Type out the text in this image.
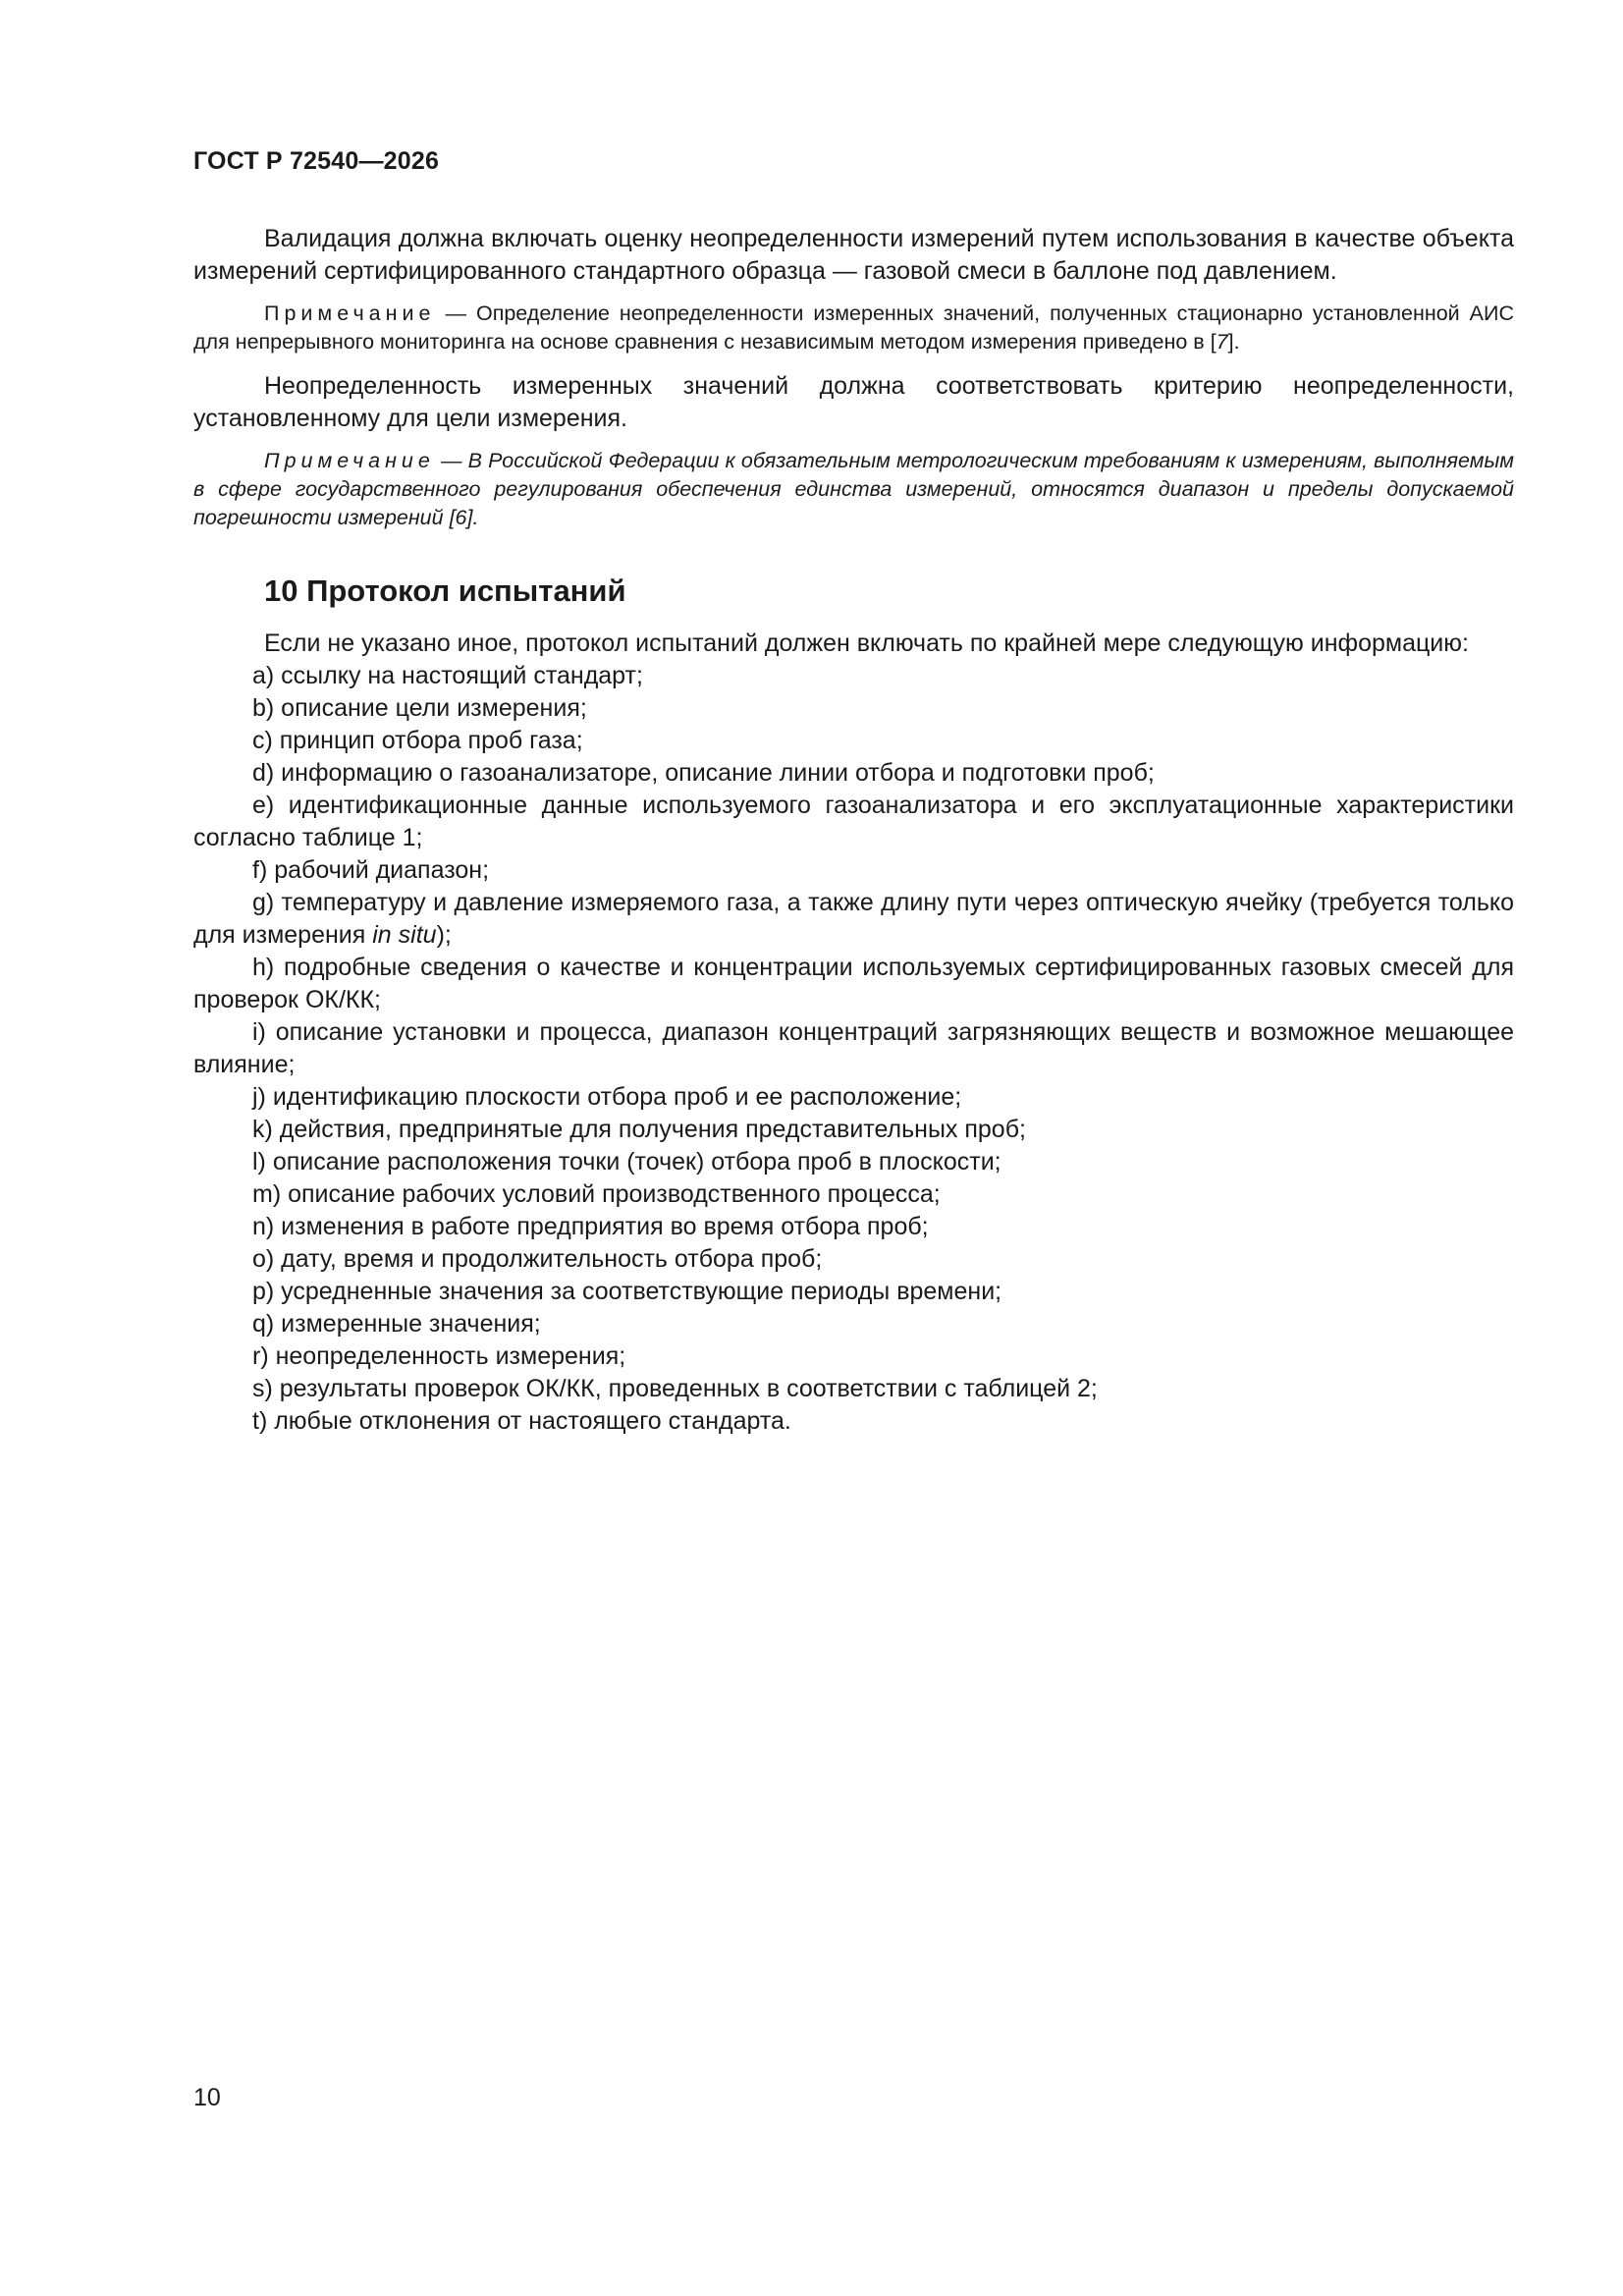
ГОСТ Р 72540—2026

Валидация должна включать оценку неопределенности измерений путем использования в качестве объекта измерений сертифицированного стандартного образца — газовой смеси в баллоне под давлением.

Примечание — Определение неопределенности измеренных значений, полученных стационарно установленной АИС для непрерывного мониторинга на основе сравнения с независимым методом измерения приведено в [7].

Неопределенность измеренных значений должна соответствовать критерию неопределенности, установленному для цели измерения.

Примечание — В Российской Федерации к обязательным метрологическим требованиям к измерениям, выполняемым в сфере государственного регулирования обеспечения единства измерений, относятся диапазон и пределы допускаемой погрешности измерений [6].

10 Протокол испытаний

Если не указано иное, протокол испытаний должен включать по крайней мере следующую информацию:

a) ссылку на настоящий стандарт;

b) описание цели измерения;

c) принцип отбора проб газа;

d) информацию о газоанализаторе, описание линии отбора и подготовки проб;

e) идентификационные данные используемого газоанализатора и его эксплуатационные характеристики согласно таблице 1;

f) рабочий диапазон;

g) температуру и давление измеряемого газа, а также длину пути через оптическую ячейку (требуется только для измерения in situ);

h) подробные сведения о качестве и концентрации используемых сертифицированных газовых смесей для проверок ОК/КК;

i) описание установки и процесса, диапазон концентраций загрязняющих веществ и возможное мешающее влияние;

j) идентификацию плоскости отбора проб и ее расположение;

k) действия, предпринятые для получения представительных проб;

l) описание расположения точки (точек) отбора проб в плоскости;

m) описание рабочих условий производственного процесса;

n) изменения в работе предприятия во время отбора проб;

o) дату, время и продолжительность отбора проб;

p) усредненные значения за соответствующие периоды времени;

q) измеренные значения;

r) неопределенность измерения;

s) результаты проверок ОК/КК, проведенных в соответствии с таблицей 2;

t) любые отклонения от настоящего стандарта.

10
